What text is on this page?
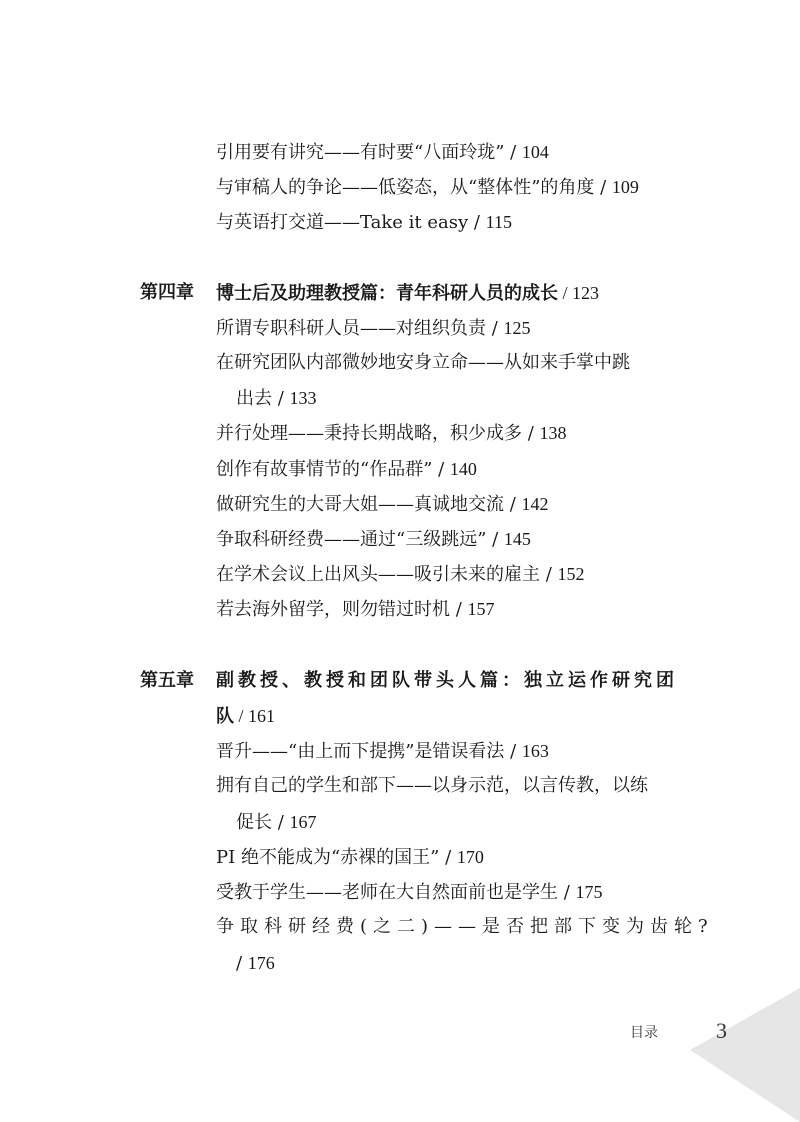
引用要有讲究——有时要“八面玲珑” / 104
与审稿人的争论——低姿态，从“整体性”的角度 / 109
与英语打交道——Take it easy / 115
第四章 博士后及助理教授篇：青年科研人员的成长 / 123
所谓专职科研人员——对组织负责 / 125
在研究团队内部微妙地安身立命——从如来手掌中跳
出去 / 133
并行处理——秉持长期战略，积少成多 / 138
创作有故事情节的“作品群” / 140
做研究生的大哥大姐——真诚地交流 / 142
争取科研经费——通过“三级跳远” / 145
在学术会议上出风头——吸引未来的雇主 / 152
若去海外留学，则勿错过时机 / 157
第五章 副教授、教授和团队带头人篇：独立运作研究团
队 / 161
晋升——“由上而下提携”是错误看法 / 163
拥有自己的学生和部下——以身示范，以言传教，以练
促长 / 167
PI 绝不能成为“赤裸的国王” / 170
受教于学生——老师在大自然面前也是学生 / 175
争取科研经费(之二)——是否把部下变为齿轮?
/ 176
目录	3
